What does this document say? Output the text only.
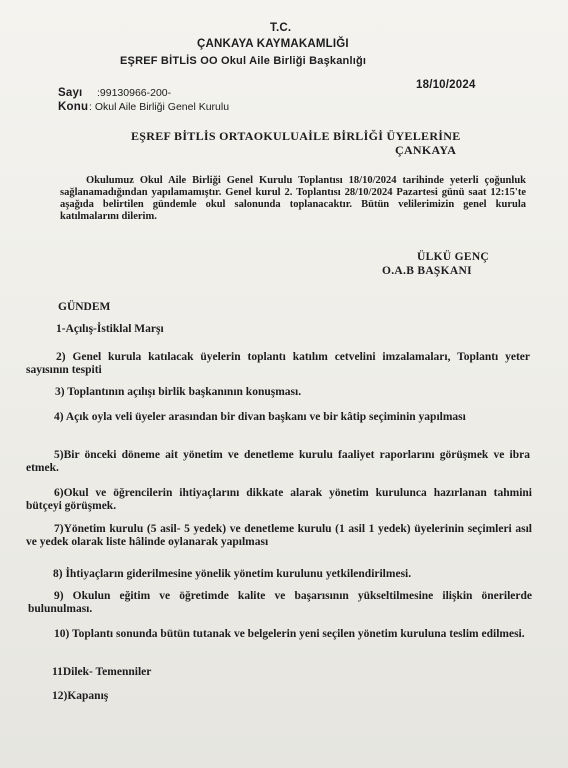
T.C.
ÇANKAYA KAYMAKAMLIĞI
EŞREF BİTLİS OO Okul Aile Birliği Başkanlığı
18/10/2024
Sayı :99130966-200-
Konu : Okul Aile Birliği Genel Kurulu
EŞREF BİTLİS ORTAOKULUAİLE BİRLİĞİ ÜYELERİNE
ÇANKAYA
Okulumuz Okul Aile Birliği Genel Kurulu Toplantısı 18/10/2024 tarihinde yeterli çoğunluk sağlanamadığından yapılamamıştır. Genel kurul 2. Toplantısı 28/10/2024 Pazartesi günü saat 12:15'te aşağıda belirtilen gündemle okul salonunda toplanacaktır. Bütün velilerimizin genel kurula katılmalarını dilerim.
ÜLKÜ GENÇ
O.A.B BAŞKANI
GÜNDEM
1-Açılış-İstiklal Marşı
2) Genel kurula katılacak üyelerin toplantı katılım cetvelini imzalamaları, Toplantı yeter sayısının tespiti
3) Toplantının açılışı birlik başkanının konuşması.
4) Açık oyla veli üyeler arasından bir divan başkanı ve bir kâtip seçiminin yapılması
5)Bir önceki döneme ait yönetim ve denetleme kurulu faaliyet raporlarını görüşmek ve ibra etmek.
6)Okul ve öğrencilerin ihtiyaçlarını dikkate alarak yönetim kurulunca hazırlanan tahmini bütçeyi görüşmek.
7)Yönetim kurulu (5 asil- 5 yedek) ve denetleme kurulu (1 asil 1 yedek) üyelerinin seçimleri asıl ve yedek olarak liste hâlinde oylanarak yapılması
8) İhtiyaçların giderilmesine yönelik yönetim kurulunu yetkilendirilmesi.
9) Okulun eğitim ve öğretimde kalite ve başarısının yükseltilmesine ilişkin önerilerde bulunulması.
10) Toplantı sonunda bütün tutanak ve belgelerin yeni seçilen yönetim kuruluna teslim edilmesi.
11Dilek- Temenniler
12)Kapanış
